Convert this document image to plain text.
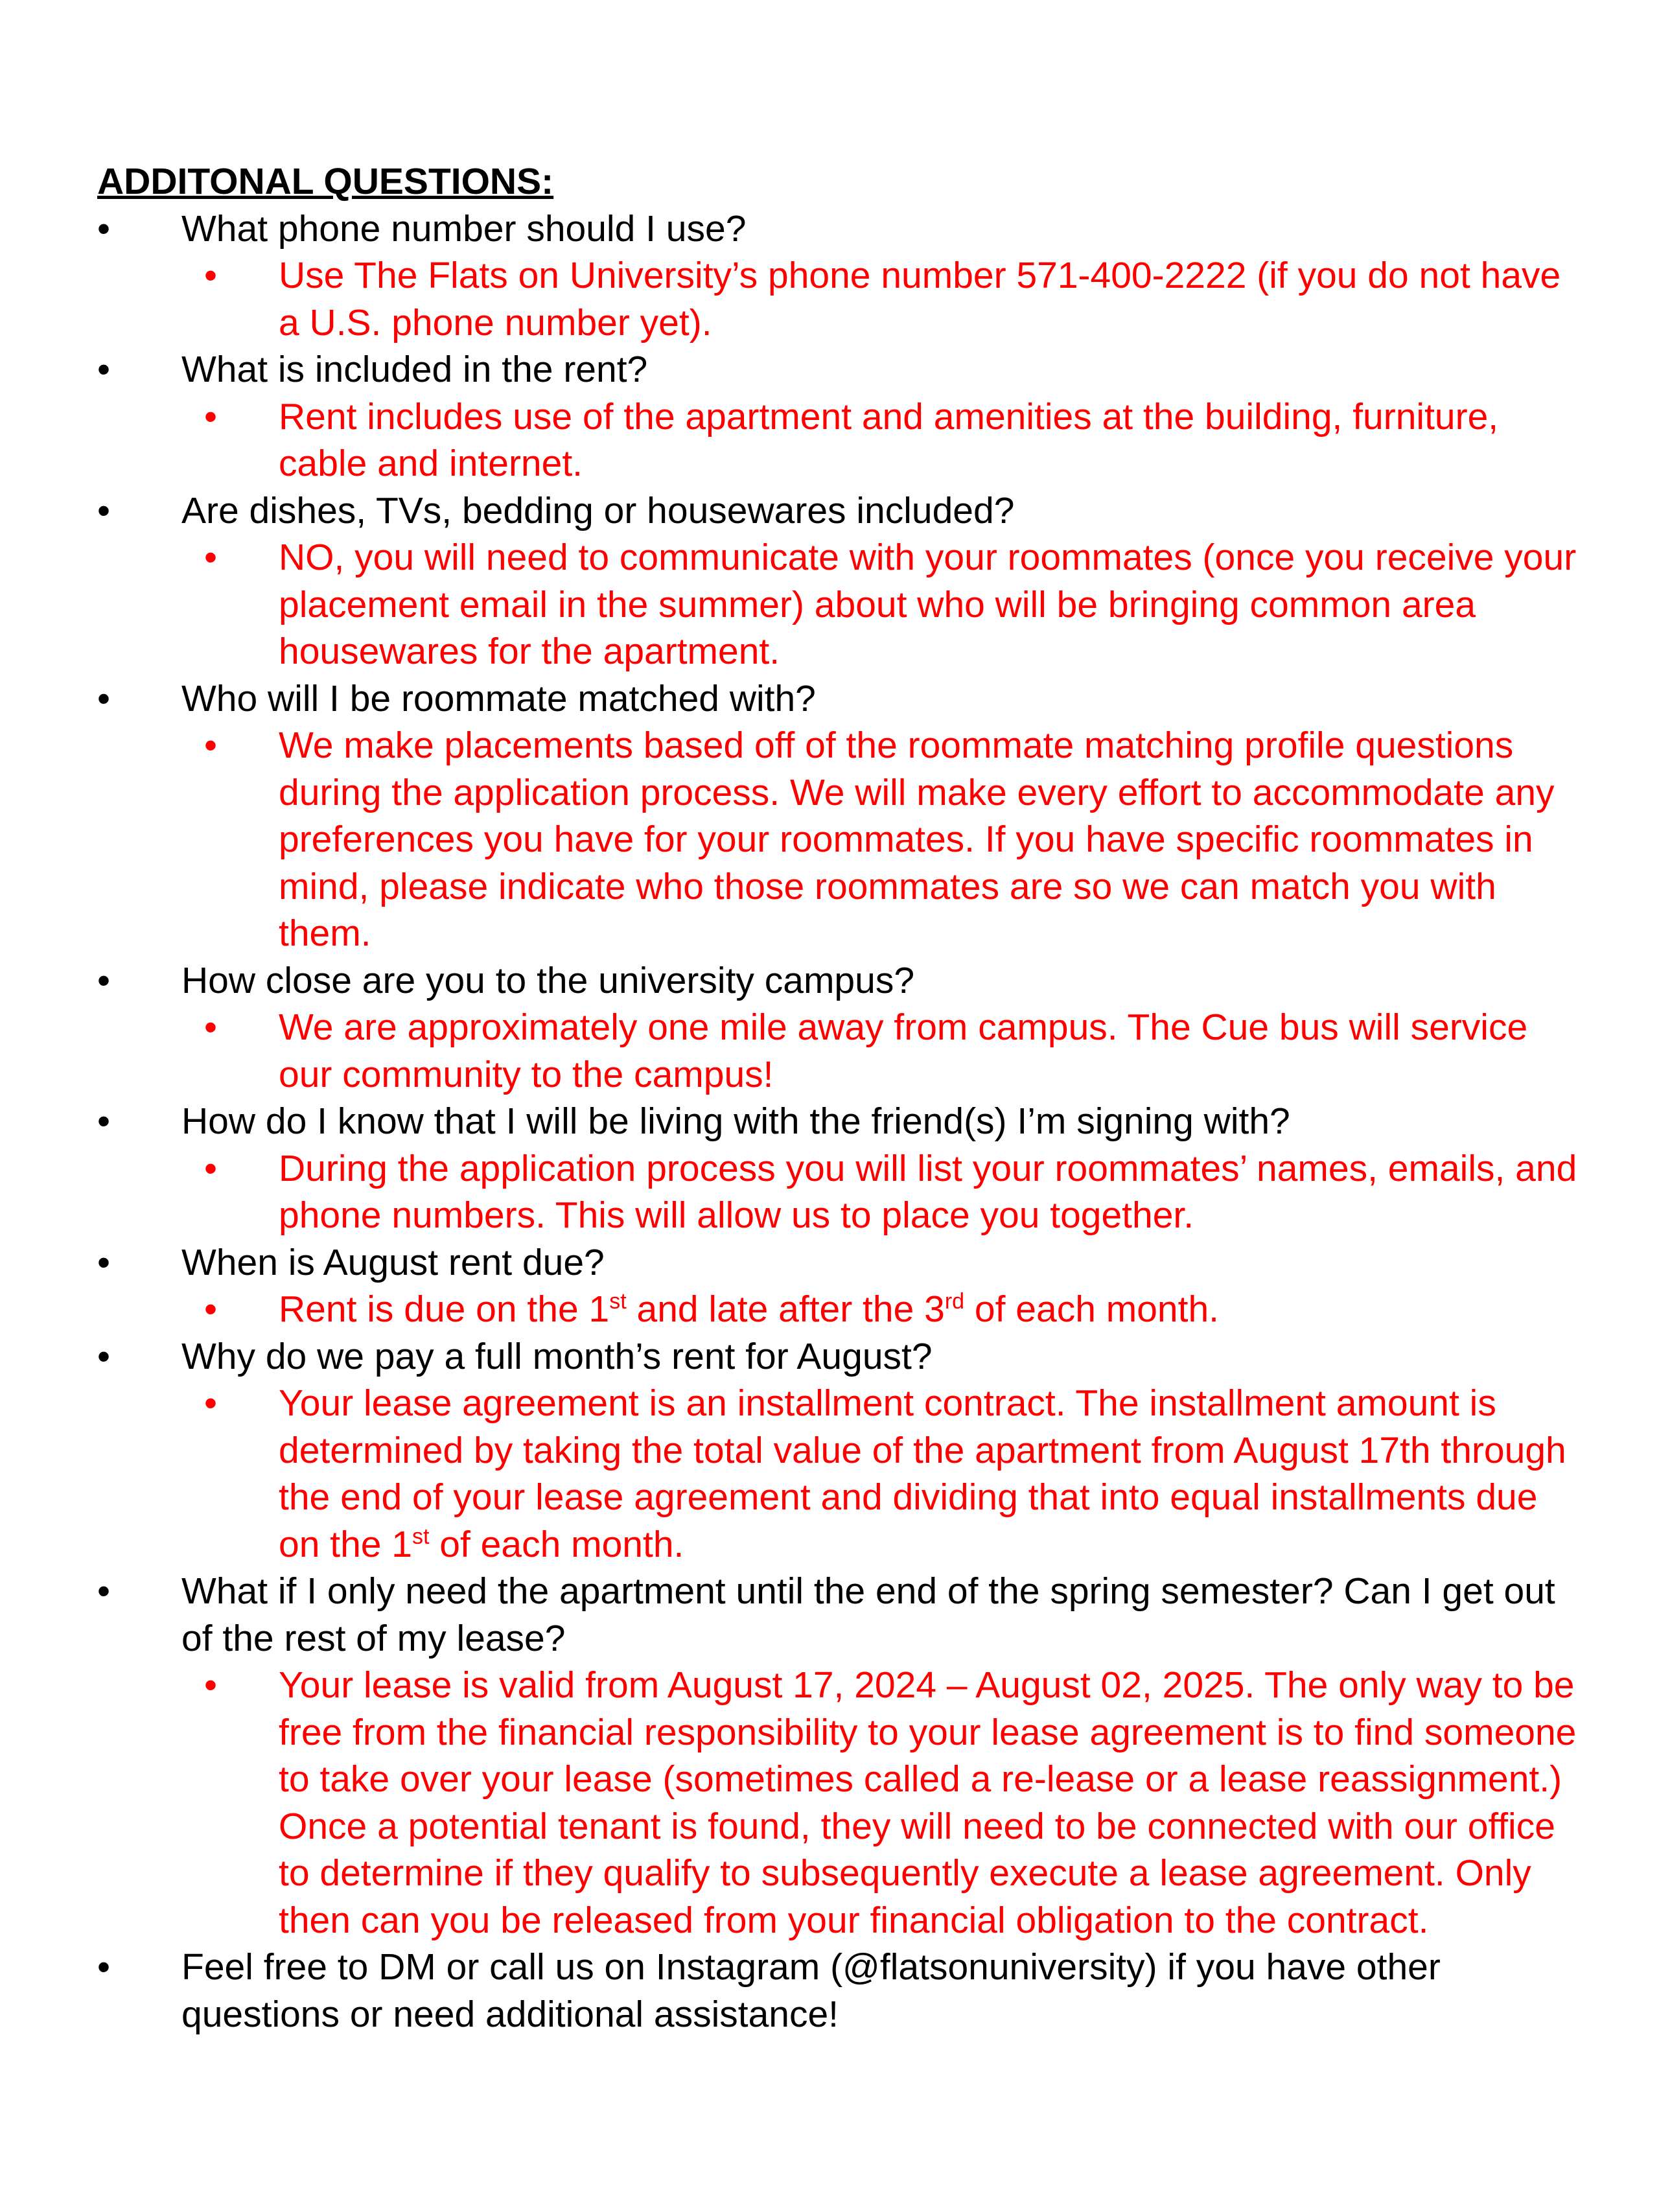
ADDITONAL QUESTIONS:
•	What phone number should I use?
•	Use The Flats on University’s phone number 571-400-2222 (if you do not have a U.S. phone number yet).
•	What is included in the rent?
•	Rent includes use of the apartment and amenities at the building, furniture, cable and internet.
•	Are dishes, TVs, bedding or housewares included?
•	NO, you will need to communicate with your roommates (once you receive your placement email in the summer) about who will be bringing common area housewares for the apartment.
•	Who will I be roommate matched with?
•	We make placements based off of the roommate matching profile questions during the application process. We will make every effort to accommodate any preferences you have for your roommates. If you have specific roommates in mind, please indicate who those roommates are so we can match you with them.
•	How close are you to the university campus?
•	We are approximately one mile away from campus. The Cue bus will service our community to the campus!
•	How do I know that I will be living with the friend(s) I’m signing with?
•	During the application process you will list your roommates’ names, emails, and phone numbers. This will allow us to place you together.
•	When is August rent due?
•	Rent is due on the 1st and late after the 3rd of each month.
•	Why do we pay a full month’s rent for August?
•	Your lease agreement is an installment contract. The installment amount is determined by taking the total value of the apartment from August 17th through the end of your lease agreement and dividing that into equal installments due on the 1st of each month.
•	What if I only need the apartment until the end of the spring semester? Can I get out of the rest of my lease?
•	Your lease is valid from August 17, 2024 – August 02, 2025. The only way to be free from the financial responsibility to your lease agreement is to find someone to take over your lease (sometimes called a re-lease or a lease reassignment.) Once a potential tenant is found, they will need to be connected with our office to determine if they qualify to subsequently execute a lease agreement. Only then can you be released from your financial obligation to the contract.
•	Feel free to DM or call us on Instagram (@flatsonuniversity) if you have other questions or need additional assistance!
